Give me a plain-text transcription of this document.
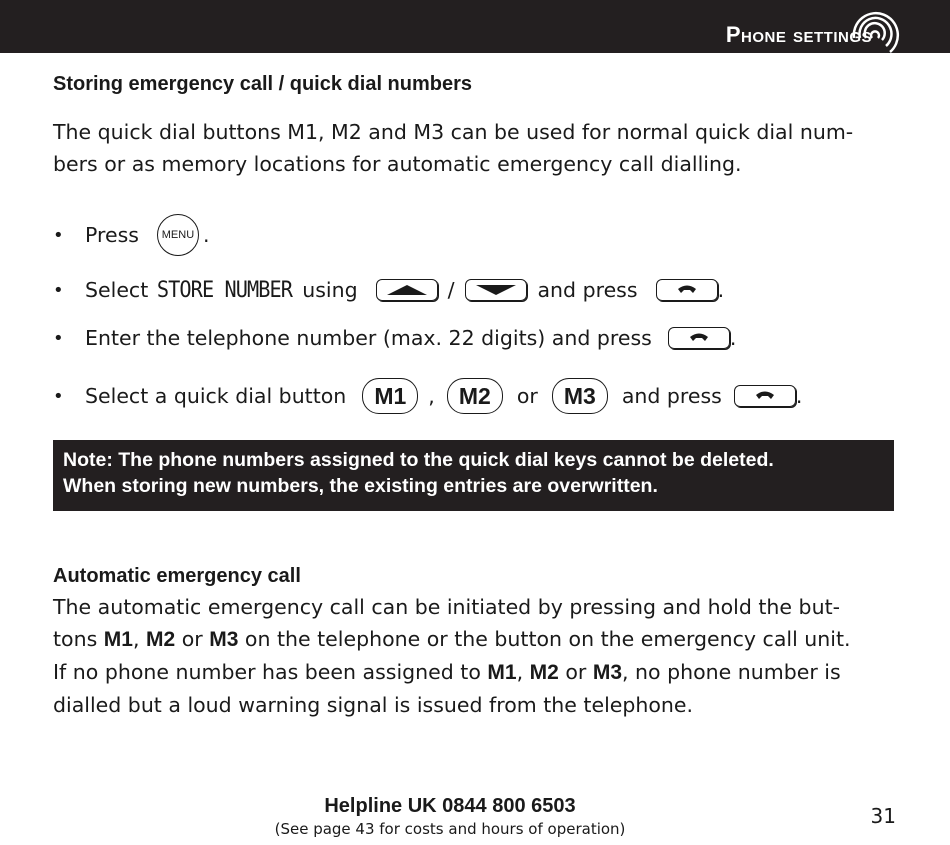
Phone settings
Storing emergency call / quick dial numbers
The quick dial buttons M1, M2 and M3 can be used for normal quick dial num-
bers or as memory locations for automatic emergency call dialling.
•	Press	MENU .
•	Select STORE NUMBER using	/	and press	.
•	Enter the telephone number (max. 22 digits) and press	.
•	Select a quick dial button	M1	,	M2	or	M3	and press	.
Note: The phone numbers assigned to the quick dial keys cannot be deleted.
When storing new numbers, the existing entries are overwritten.
Automatic emergency call
The automatic emergency call can be initiated by pressing and hold the but-
tons M1, M2 or M3 on the telephone or the button on the emergency call unit.
If no phone number has been assigned to M1, M2 or M3, no phone number is
dialled but a loud warning signal is issued from the telephone.
Helpline UK 0844 800 6503
(See page 43 for costs and hours of operation)
31
